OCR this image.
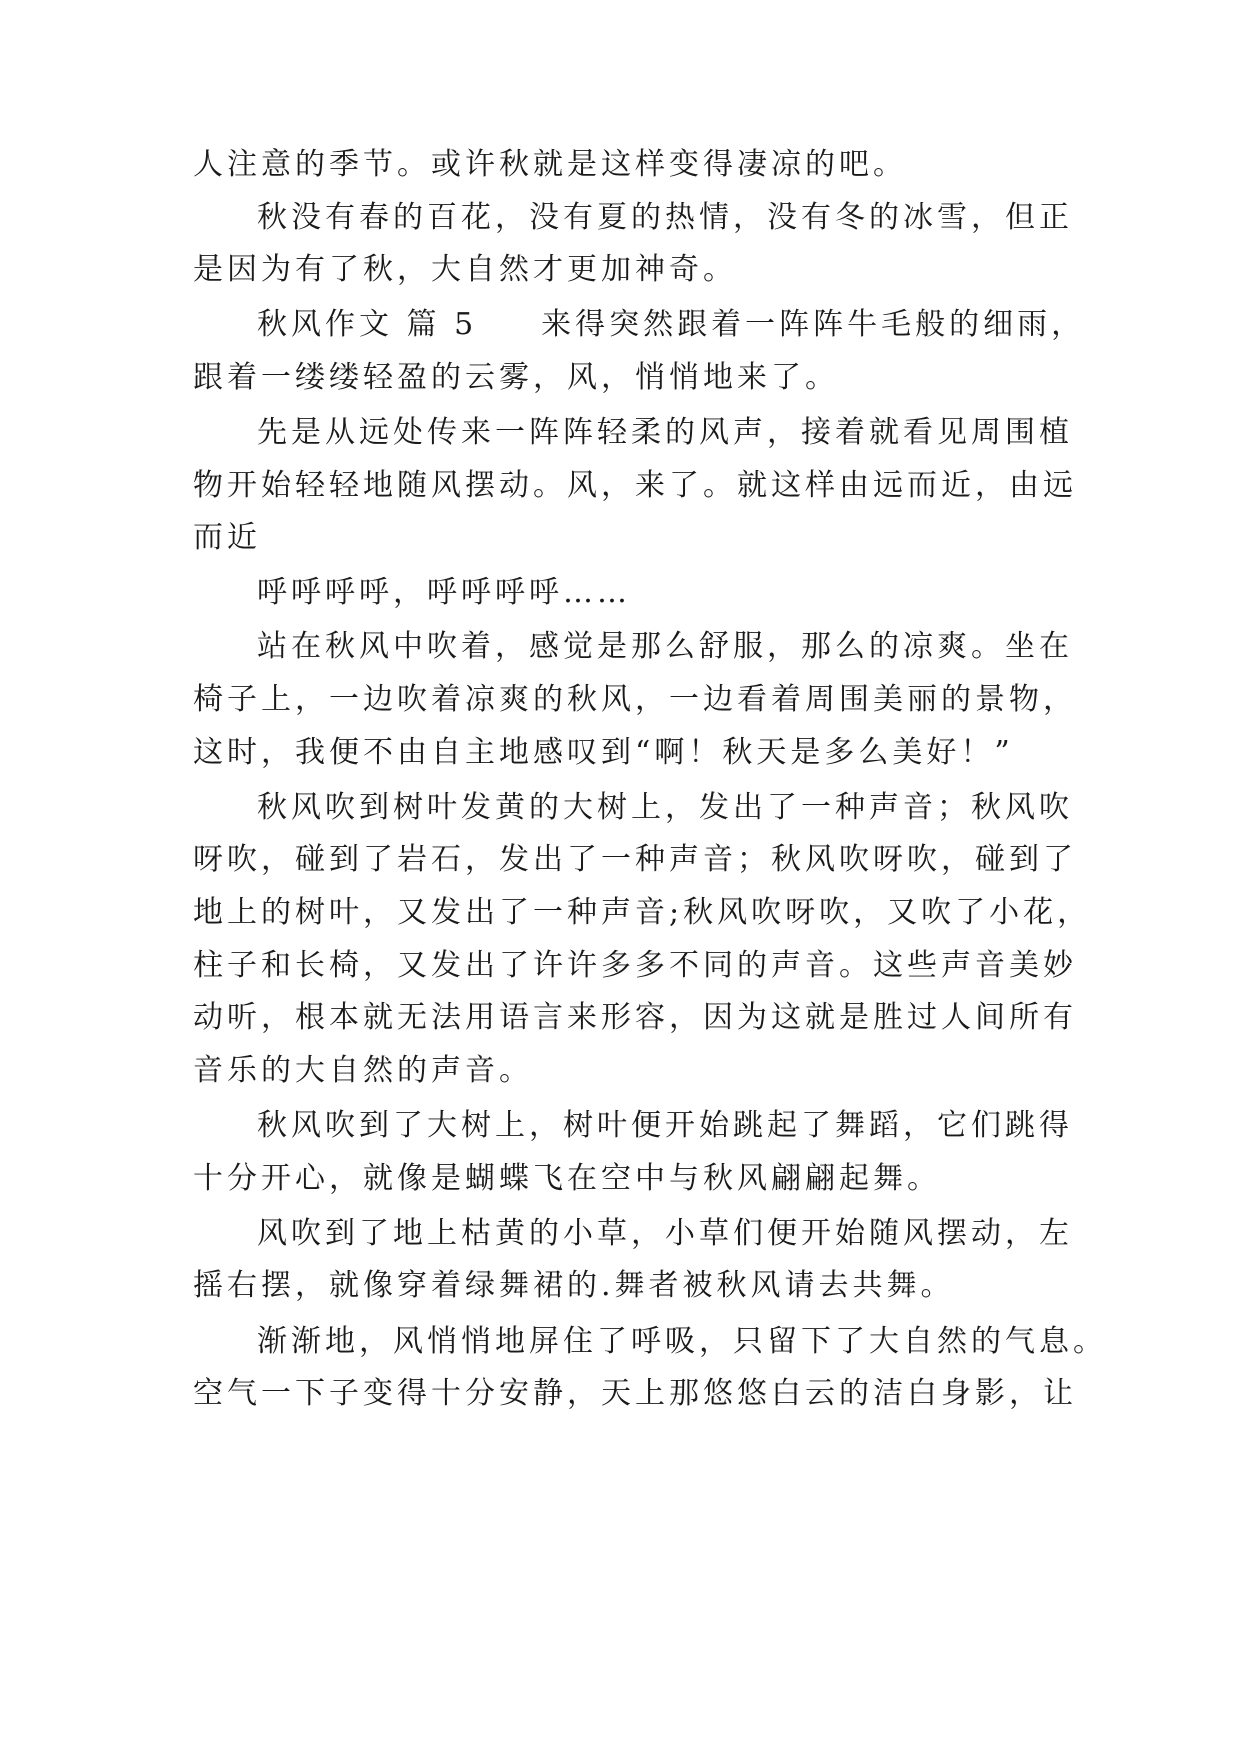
人注意的季节。或许秋就是这样变得凄凉的吧。

秋没有春的百花，没有夏的热情，没有冬的冰雪，但正

是因为有了秋，大自然才更加神奇。

秋风作文 篇 5 来得突然跟着一阵阵牛毛般的细雨，

跟着一缕缕轻盈的云雾，风，悄悄地来了。

先是从远处传来一阵阵轻柔的风声，接着就看见周围植

物开始轻轻地随风摆动。风，来了。就这样由远而近，由远

而近

呼呼呼呼，呼呼呼呼……

站在秋风中吹着，感觉是那么舒服，那么的凉爽。坐在

椅子上，一边吹着凉爽的秋风，一边看着周围美丽的景物，

这时，我便不由自主地感叹到“啊！秋天是多么美好！”

秋风吹到树叶发黄的大树上，发出了一种声音；秋风吹

呀吹，碰到了岩石，发出了一种声音；秋风吹呀吹，碰到了

地上的树叶，又发出了一种声音;秋风吹呀吹，又吹了小花，

柱子和长椅，又发出了许许多多不同的声音。这些声音美妙

动听，根本就无法用语言来形容，因为这就是胜过人间所有

音乐的大自然的声音。

秋风吹到了大树上，树叶便开始跳起了舞蹈，它们跳得

十分开心，就像是蝴蝶飞在空中与秋风翩翩起舞。

风吹到了地上枯黄的小草，小草们便开始随风摆动，左

摇右摆，就像穿着绿舞裙的.舞者被秋风请去共舞。

渐渐地，风悄悄地屏住了呼吸，只留下了大自然的气息。

空气一下子变得十分安静，天上那悠悠白云的洁白身影，让
